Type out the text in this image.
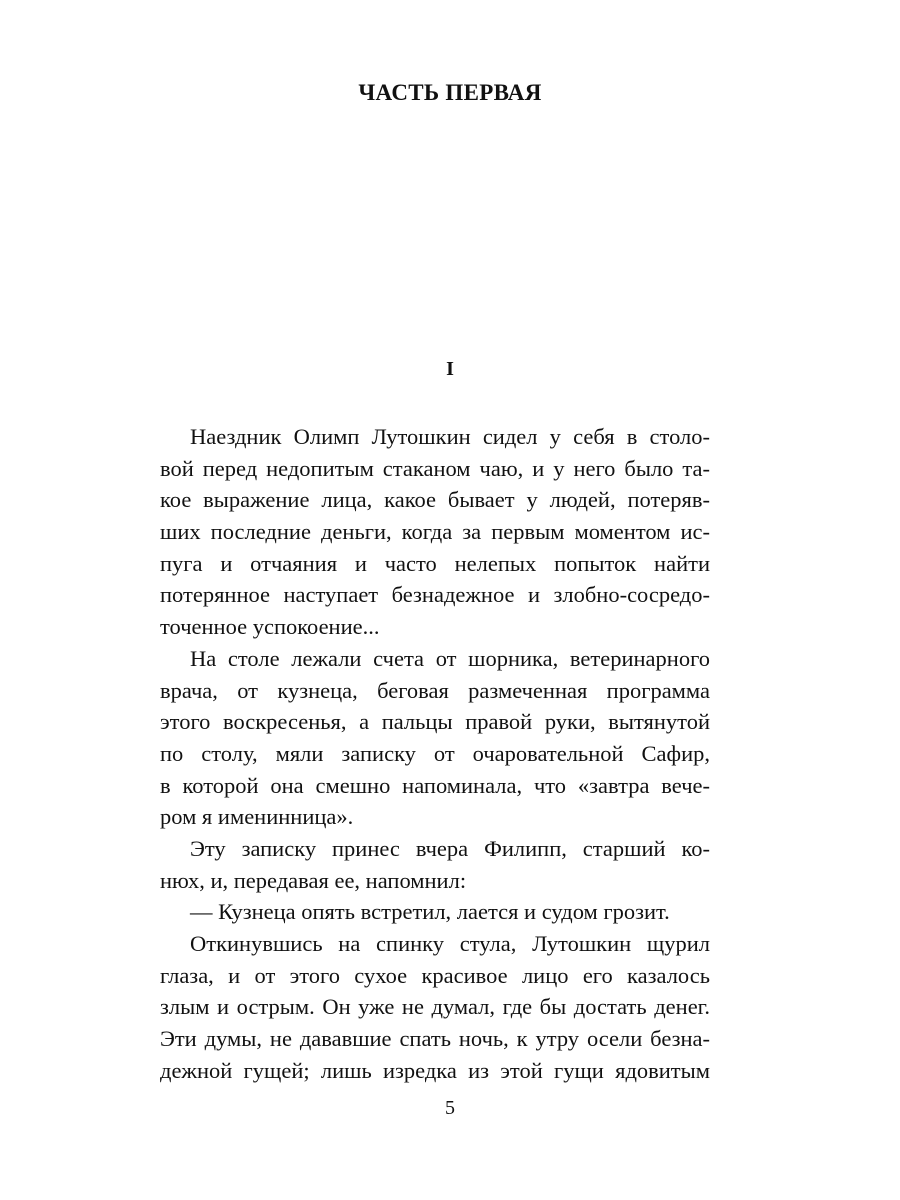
ЧАСТЬ ПЕРВАЯ
I
Наездник Олимп Лутошкин сидел у себя в столо-
вой перед недопитым стаканом чаю, и у него было та-
кое выражение лица, какое бывает у людей, потеряв-
ших последние деньги, когда за первым моментом ис-
пуга и отчаяния и часто нелепых попыток найти
потерянное наступает безнадежное и злобно-сосредо-
точенное успокоение...
На столе лежали счета от шорника, ветеринарного
врача, от кузнеца, беговая размеченная программа
этого воскресенья, а пальцы правой руки, вытянутой
по столу, мяли записку от очаровательной Сафир,
в которой она смешно напоминала, что «завтра вече-
ром я именинница».
Эту записку принес вчера Филипп, старший ко-
нюх, и, передавая ее, напомнил:
— Кузнеца опять встретил, лается и судом грозит.
Откинувшись на спинку стула, Лутошкин щурил
глаза, и от этого сухое красивое лицо его казалось
злым и острым. Он уже не думал, где бы достать денег.
Эти думы, не дававшие спать ночь, к утру осели безна-
дежной гущей; лишь изредка из этой гущи ядовитым
5
